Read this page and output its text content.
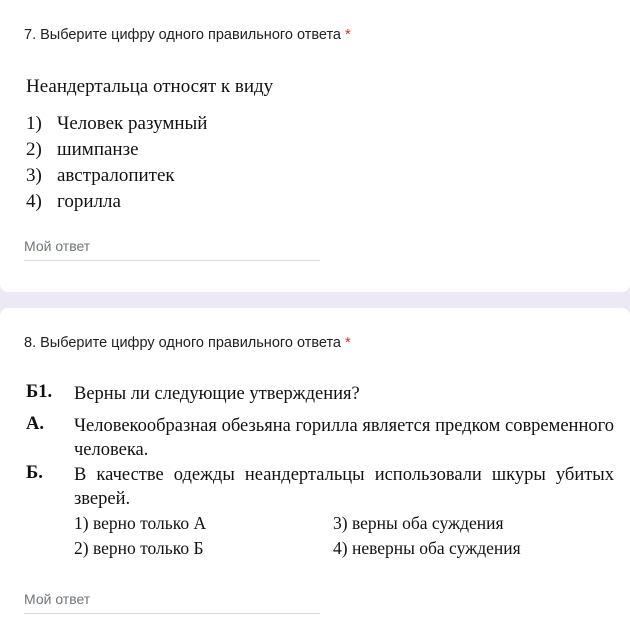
7. Выберите цифру одного правильного ответа *
Неандертальца относят к виду
1) Человек разумный
2) шимпанзе
3) австралопитек
4) горилла
Мой ответ
8. Выберите цифру одного правильного ответа *
Б1. Верны ли следующие утверждения?
А. Человекообразная обезьяна горилла является предком современного человека.
Б. В качестве одежды неандертальцы использовали шкуры убитых зверей.
1) верно только А	3) верны оба суждения
2) верно только Б	4) неверны оба суждения
Мой ответ
